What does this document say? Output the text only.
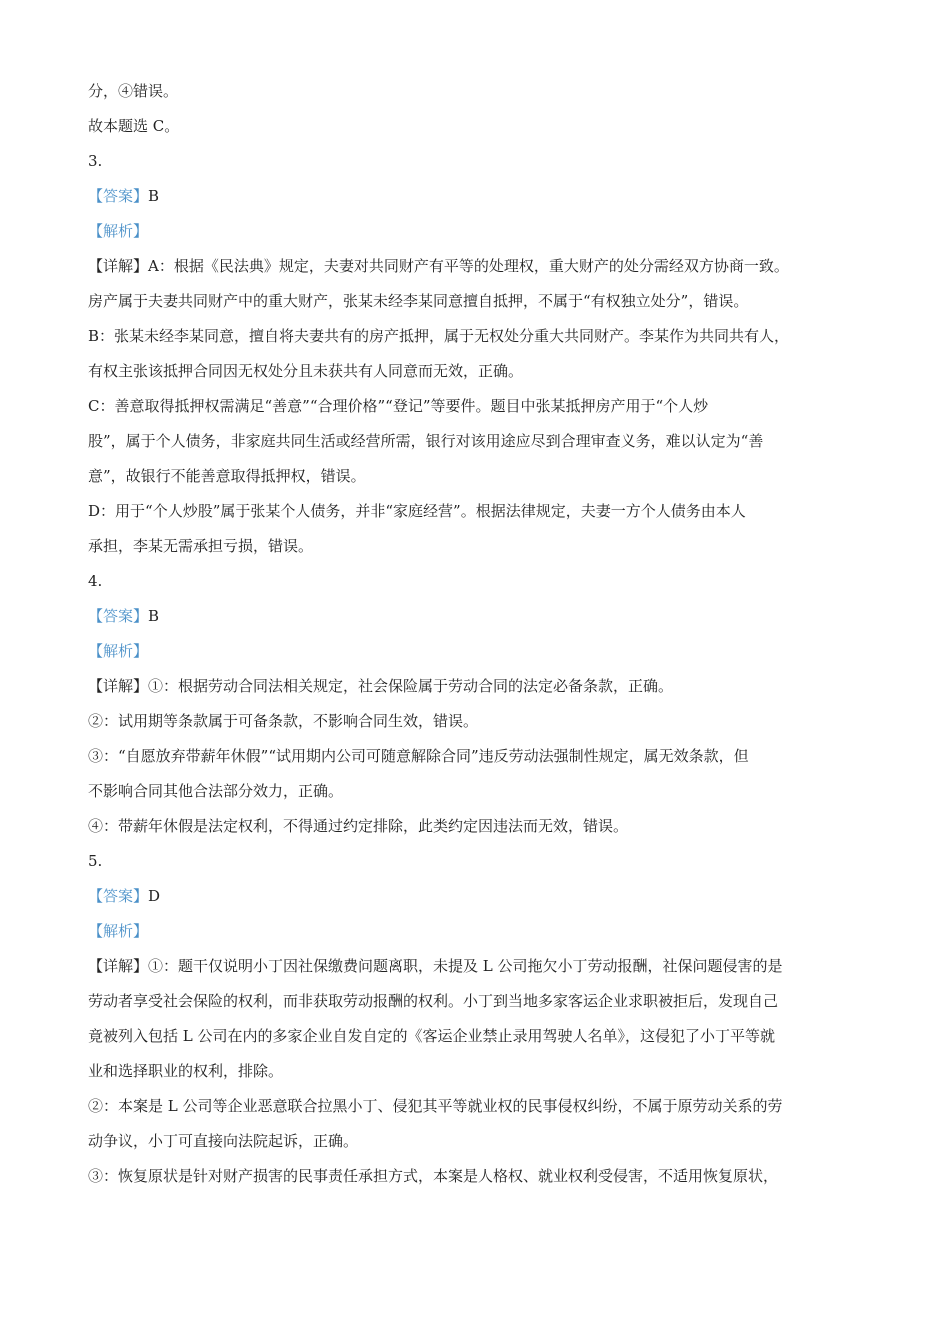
分，④错误。
故本题选 C。
3.
【答案】B
【解析】
【详解】A：根据《民法典》规定，夫妻对共同财产有平等的处理权，重大财产的处分需经双方协商一致。
房产属于夫妻共同财产中的重大财产，张某未经李某同意擅自抵押，不属于“有权独立处分”，错误。
B：张某未经李某同意，擅自将夫妻共有的房产抵押，属于无权处分重大共同财产。李某作为共同共有人，
有权主张该抵押合同因无权处分且未获共有人同意而无效，正确。
C：善意取得抵押权需满足“善意”“合理价格”“登记”等要件。题目中张某抵押房产用于“个人炒
股”，属于个人债务，非家庭共同生活或经营所需，银行对该用途应尽到合理审查义务，难以认定为“善
意”，故银行不能善意取得抵押权，错误。
D：用于“个人炒股”属于张某个人债务，并非“家庭经营”。根据法律规定，夫妻一方个人债务由本人
承担，李某无需承担亏损，错误。
4.
【答案】B
【解析】
【详解】①：根据劳动合同法相关规定，社会保险属于劳动合同的法定必备条款，正确。
②：试用期等条款属于可备条款，不影响合同生效，错误。
③：“自愿放弃带薪年休假”“试用期内公司可随意解除合同”违反劳动法强制性规定，属无效条款，但
不影响合同其他合法部分效力，正确。
④：带薪年休假是法定权利，不得通过约定排除，此类约定因违法而无效，错误。
5.
【答案】D
【解析】
【详解】①：题干仅说明小丁因社保缴费问题离职，未提及 L 公司拖欠小丁劳动报酬，社保问题侵害的是
劳动者享受社会保险的权利，而非获取劳动报酬的权利。小丁到当地多家客运企业求职被拒后，发现自己
竟被列入包括 L 公司在内的多家企业自发自定的《客运企业禁止录用驾驶人名单》，这侵犯了小丁平等就
业和选择职业的权利，排除。
②：本案是 L 公司等企业恶意联合拉黑小丁、侵犯其平等就业权的民事侵权纠纷，不属于原劳动关系的劳
动争议，小丁可直接向法院起诉，正确。
③：恢复原状是针对财产损害的民事责任承担方式，本案是人格权、就业权利受侵害，不适用恢复原状，
